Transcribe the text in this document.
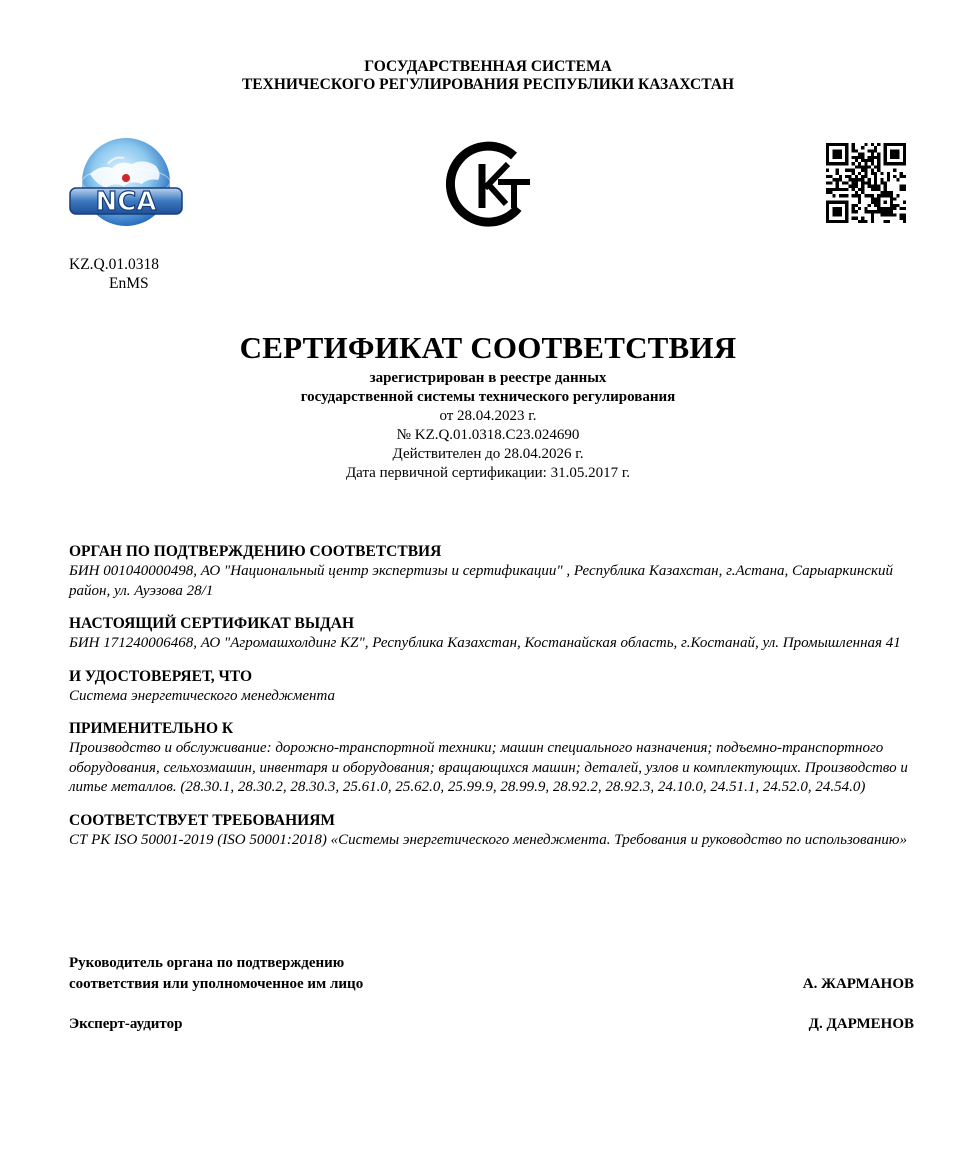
ГОСУДАРСТВЕННАЯ СИСТЕМА
ТЕХНИЧЕСКОГО РЕГУЛИРОВАНИЯ РЕСПУБЛИКИ КАЗАХСТАН
NCA
KZ.Q.01.0318
EnMS
СЕРТИФИКАТ СООТВЕТСТВИЯ
зарегистрирован в реестре данных
государственной системы технического регулирования
от 28.04.2023 г.
№ KZ.Q.01.0318.C23.024690
Действителен до 28.04.2026 г.
Дата первичной сертификации: 31.05.2017 г.
ОРГАН ПО ПОДТВЕРЖДЕНИЮ СООТВЕТСТВИЯ
БИН 001040000498, АО "Национальный центр экспертизы и сертификации" , Республика Казахстан, г.Астана, Сарыаркинский район, ул. Ауэзова 28/1
НАСТОЯЩИЙ СЕРТИФИКАТ ВЫДАН
БИН 171240006468, АО "Агромашхолдинг KZ", Республика Казахстан, Костанайская область, г.Костанай, ул. Промышленная 41
И УДОСТОВЕРЯЕТ, ЧТО
Система энергетического менеджмента
ПРИМЕНИТЕЛЬНО К
Производство и обслуживание: дорожно-транспортной техники; машин специального назначения; подъемно-транспортного оборудования, сельхозмашин, инвентаря и оборудования; вращающихся машин; деталей, узлов и комплектующих. Производство и литье металлов. (28.30.1, 28.30.2, 28.30.3, 25.61.0, 25.62.0, 25.99.9, 28.99.9, 28.92.2, 28.92.3, 24.10.0, 24.51.1, 24.52.0, 24.54.0)
СООТВЕТСТВУЕТ ТРЕБОВАНИЯМ
СТ РК ISO 50001-2019 (ISO 50001:2018) «Системы энергетического менеджмента. Требования и руководство по использованию»
Руководитель органа по подтверждению
соответствия или уполномоченное им лицо	А. ЖАРМАНОВ
Эксперт-аудитор	Д. ДАРМЕНОВ
